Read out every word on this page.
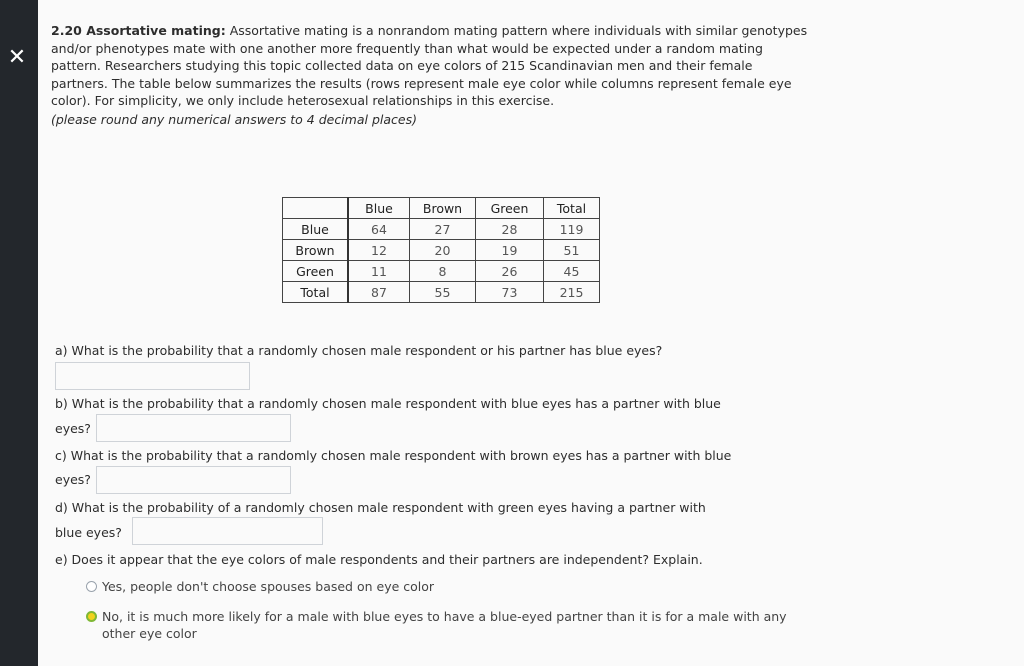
✕
2.20 Assortative mating: Assortative mating is a nonrandom mating pattern where individuals with similar genotypes and/or phenotypes mate with one another more frequently than what would be expected under a random mating pattern. Researchers studying this topic collected data on eye colors of 215 Scandinavian men and their female partners. The table below summarizes the results (rows represent male eye color while columns represent female eye color). For simplicity, we only include heterosexual relationships in this exercise.
(please round any numerical answers to 4 decimal places)
	Blue	Brown	Green	Total
Blue	64	27	28	119
Brown	12	20	19	51
Green	11	8	26	45
Total	87	55	73	215
a) What is the probability that a randomly chosen male respondent or his partner has blue eyes?
b) What is the probability that a randomly chosen male respondent with blue eyes has a partner with blue
eyes?
c) What is the probability that a randomly chosen male respondent with brown eyes has a partner with blue
eyes?
d) What is the probability of a randomly chosen male respondent with green eyes having a partner with
blue eyes?
e) Does it appear that the eye colors of male respondents and their partners are independent? Explain.
Yes, people don't choose spouses based on eye color
No, it is much more likely for a male with blue eyes to have a blue-eyed partner than it is for a male with any other eye color
